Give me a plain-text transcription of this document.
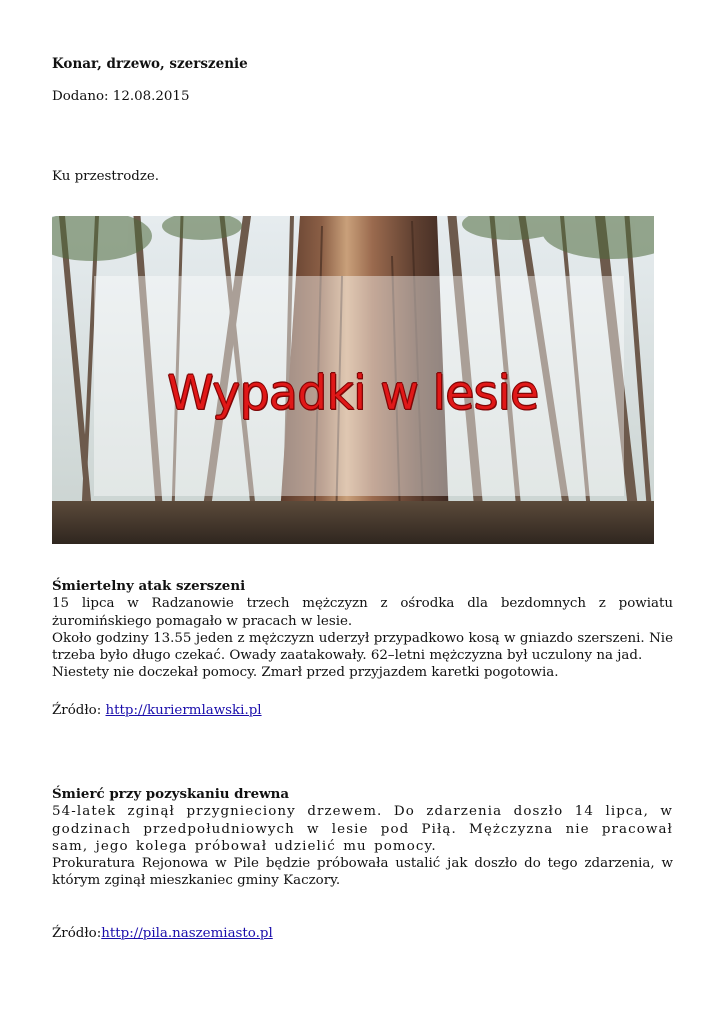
Konar, drzewo, szerszenie
Dodano: 12.08.2015
Ku przestrodze.
Wypadki w lesie

Śmiertelny atak szerszeni

15 lipca w Radzanowie trzech mężczyzn z ośrodka dla bezdomnych z powiatu żuromińskiego pomagało w pracach w lesie.

Około godziny 13.55 jeden z mężczyzn uderzył przypadkowo kosą w gniazdo szerszeni. Nie trzeba było długo czekać. Owady zaatakowały. 62–letni mężczyzna był uczulony na jad.

Niestety nie doczekał pomocy. Zmarł przed przyjazdem karetki pogotowia.

Źródło: http://kuriermlawski.pl

Śmierć przy pozyskaniu drewna

54-latek zginął przygnieciony drzewem. Do zdarzenia doszło 14 lipca, w godzinach przedpołudniowych w lesie pod Piłą. Mężczyzna nie pracował sam, jego kolega próbował udzielić mu pomocy.

Prokuratura Rejonowa w Pile będzie próbowała ustalić jak doszło do tego zdarzenia, w którym zginął mieszkaniec gminy Kaczory.

Źródło:http://pila.naszemiasto.pl
